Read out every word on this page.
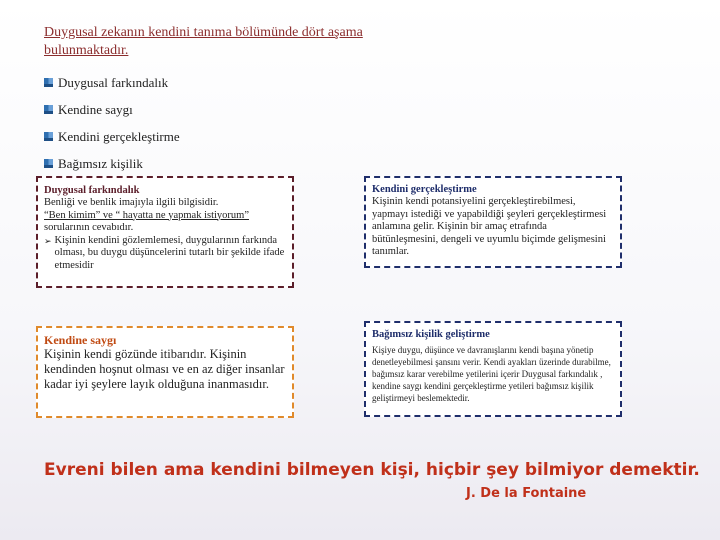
Duygusal zekanın kendini tanıma bölümünde dört aşama bulunmaktadır.
Duygusal farkındalık
Kendine saygı
Kendini gerçekleştirme
Bağımsız kişilik
Duygusal farkındalık
Benliği ve benlik imajıyla ilgili bilgisidir.
“Ben kimim” ve “ hayatta ne yapmak istiyorum” sorularının cevabıdır.
➢ Kişinin kendini gözlemlemesi, duygularının farkında olması, bu duygu düşüncelerini tutarlı bir şekilde ifade etmesidir
Kendini gerçekleştirme
Kişinin kendi potansiyelini gerçekleştirebilmesi, yapmayı istediği ve yapabildiği şeyleri gerçekleştirmesi anlamına gelir. Kişinin bir amaç etrafında bütünleşmesini, dengeli ve uyumlu biçimde gelişmesini tanımlar.
Kendine saygı
Kişinin kendi gözünde itibarıdır. Kişinin kendinden hoşnut olması ve en az diğer insanlar kadar iyi şeylere layık olduğuna inanmasıdır.
Bağımsız kişilik geliştirme
Kişiye duygu, düşünce ve davranışlarını kendi başına yönetip denetleyebilmesi şansını verir. Kendi ayakları üzerinde durabilme, bağımsız karar verebilme yetilerini içerir Duygusal farkındalık , kendine saygı kendini gerçekleştirme yetileri bağımsız kişilik geliştirmeyi beslemektedir.

Evreni bilen ama kendini bilmeyen kişi, hiçbir şey bilmiyor demektir.

J. De la Fontaine
